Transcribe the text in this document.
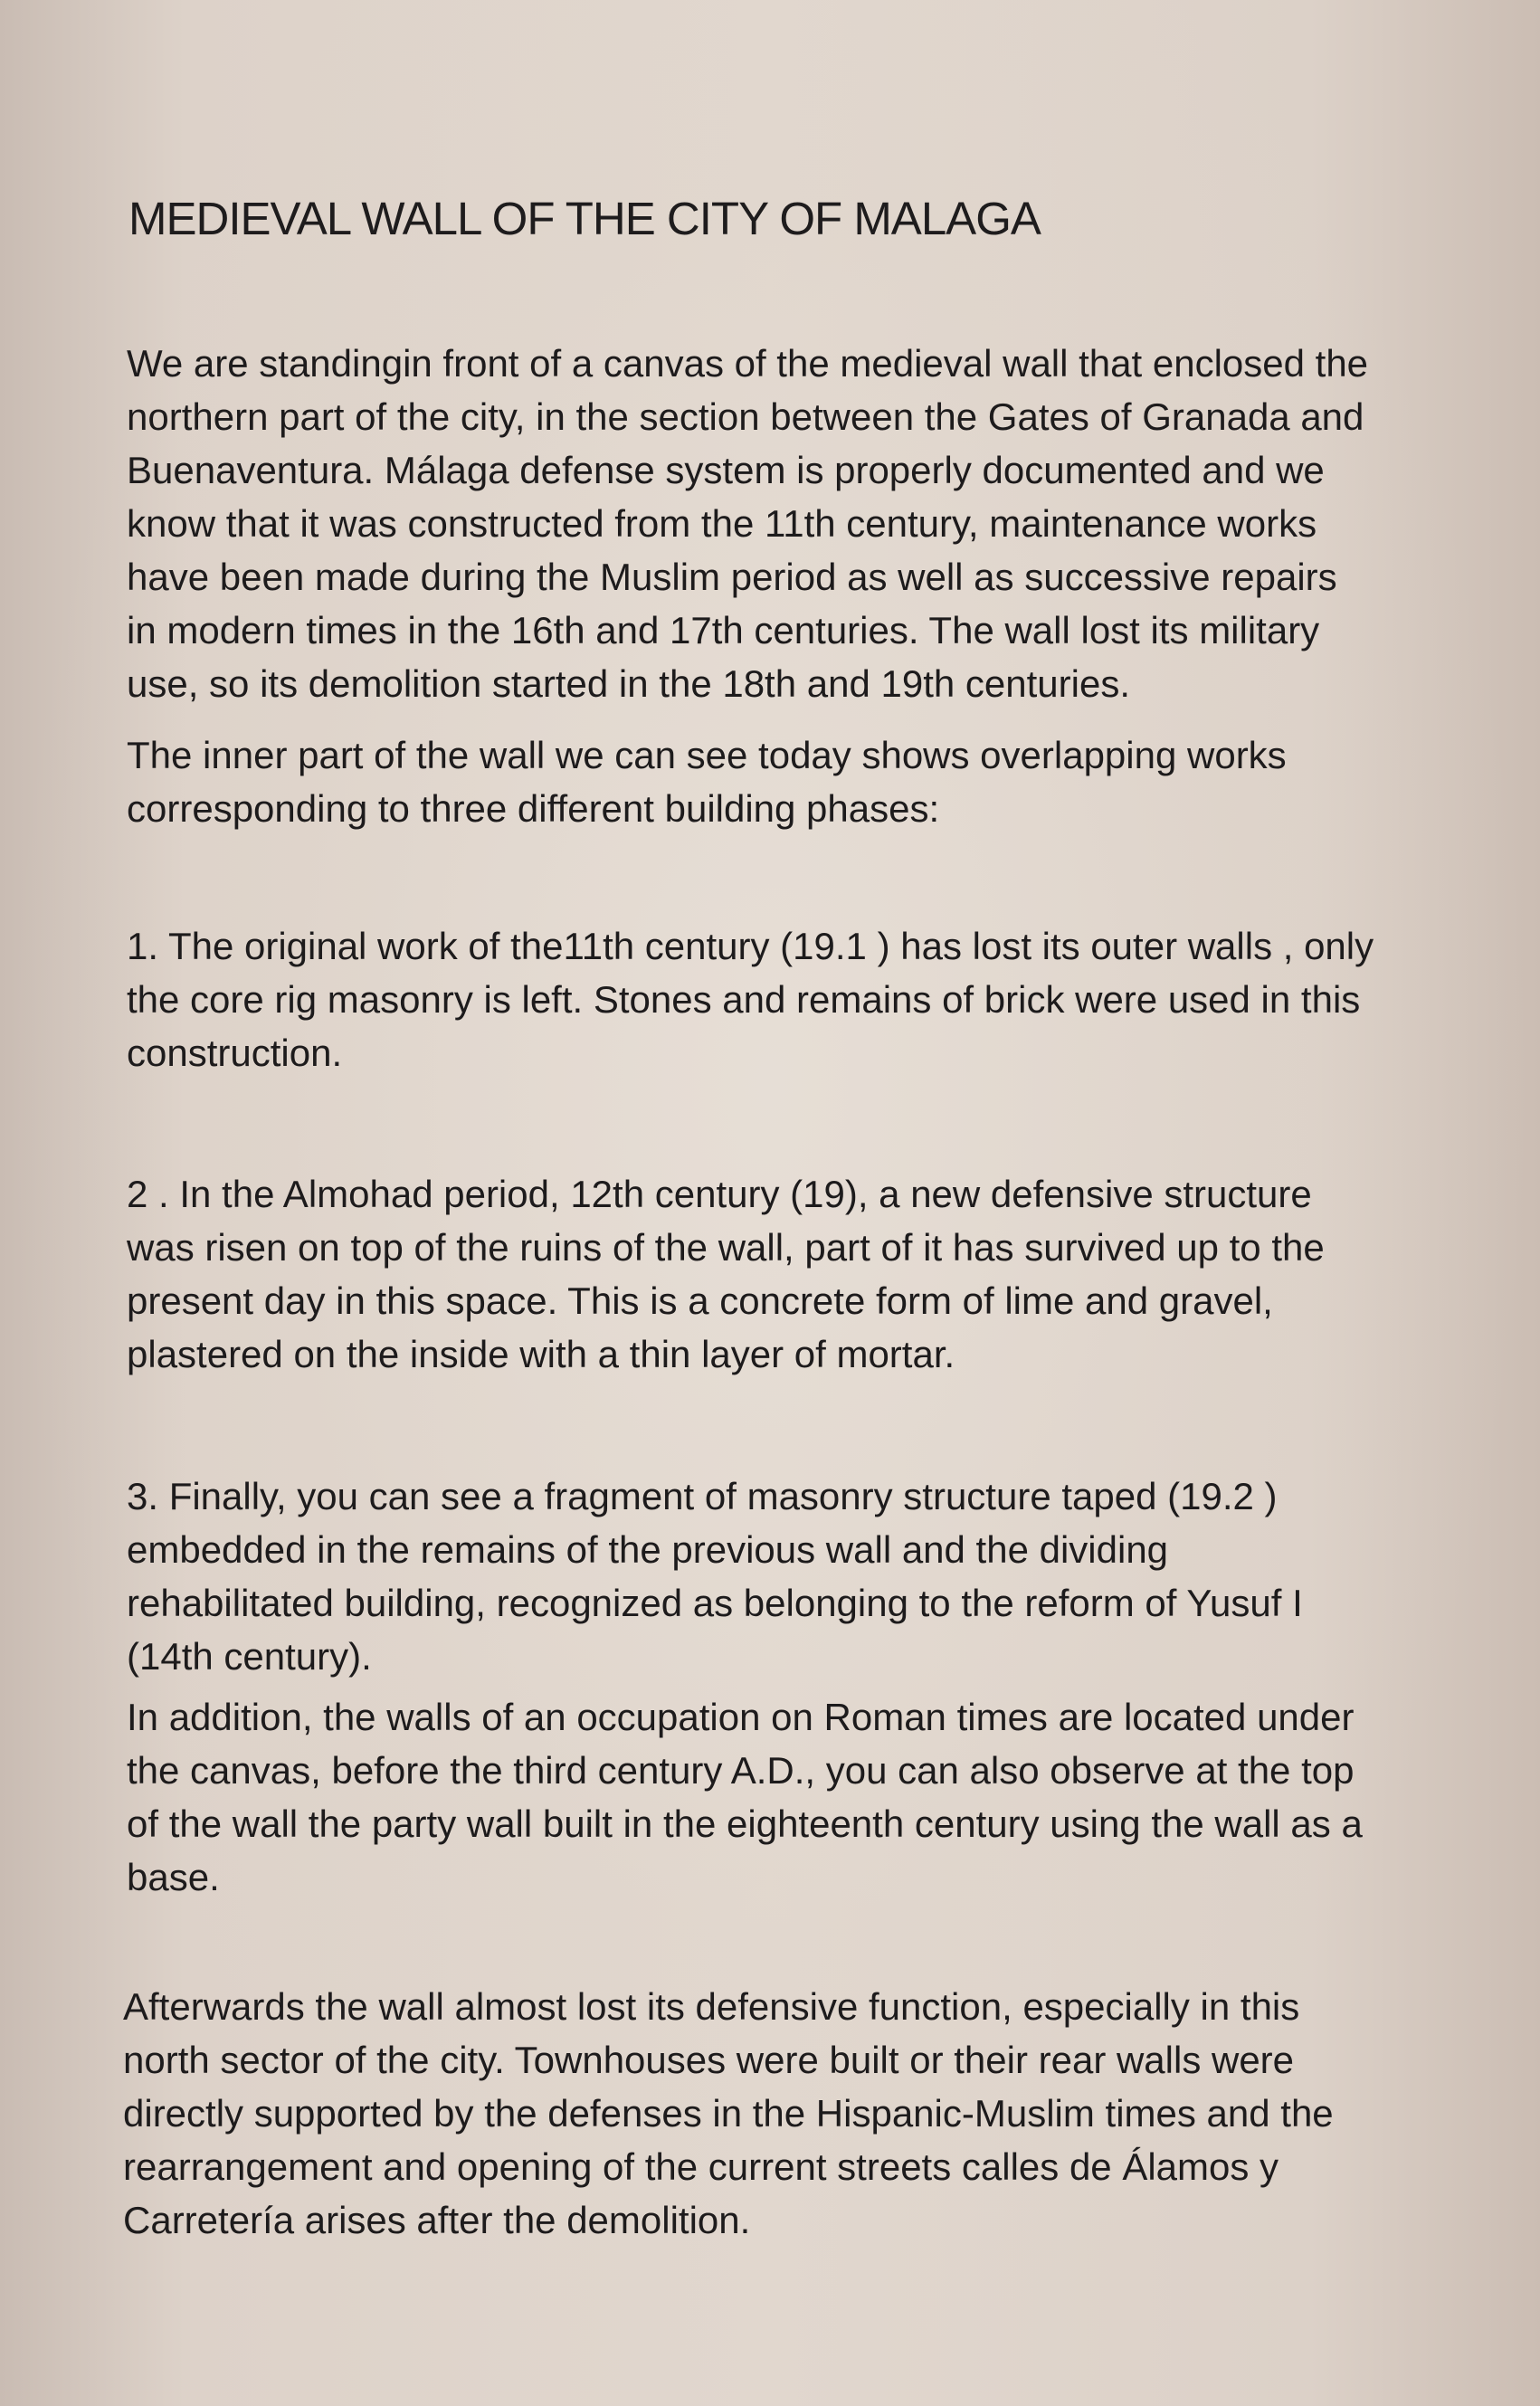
MEDIEVAL WALL OF THE CITY OF MALAGA
We are standingin front of a canvas of the medieval wall that enclosed the
northern part of the city, in the section between the Gates of Granada and
Buenaventura. Málaga defense system is properly documented and we
know that it was constructed from the 11th century, maintenance works
have been made during the Muslim period as well as successive repairs
in modern times in the 16th and 17th centuries. The wall lost its military
use, so its demolition started in the 18th and 19th centuries.
The inner part of the wall we can see today shows overlapping works
corresponding to three different building phases:
1. The original work of the11th century (19.1 ) has lost its outer walls , only
the core rig masonry is left. Stones and remains of brick were used in this
construction.
2 . In the Almohad period, 12th century (19), a new defensive structure
was risen on top of the ruins of the wall, part of it has survived up to the
present day in this space. This is a concrete form of lime and gravel,
plastered on the inside with a thin layer of mortar.
3. Finally, you can see a fragment of masonry structure taped (19.2 )
embedded in the remains of the previous wall and the dividing
rehabilitated building, recognized as belonging to the reform of Yusuf I
(14th century).
In addition, the walls of an occupation on Roman times are located under
the canvas, before the third century A.D., you can also observe at the top
of the wall the party wall built in the eighteenth century using the wall as a
base.
Afterwards the wall almost lost its defensive function, especially in this
north sector of the city. Townhouses were built or their rear walls were
directly supported by the defenses in the Hispanic-Muslim times and the
rearrangement and opening of the current streets calles de Álamos y
Carretería arises after the demolition.
